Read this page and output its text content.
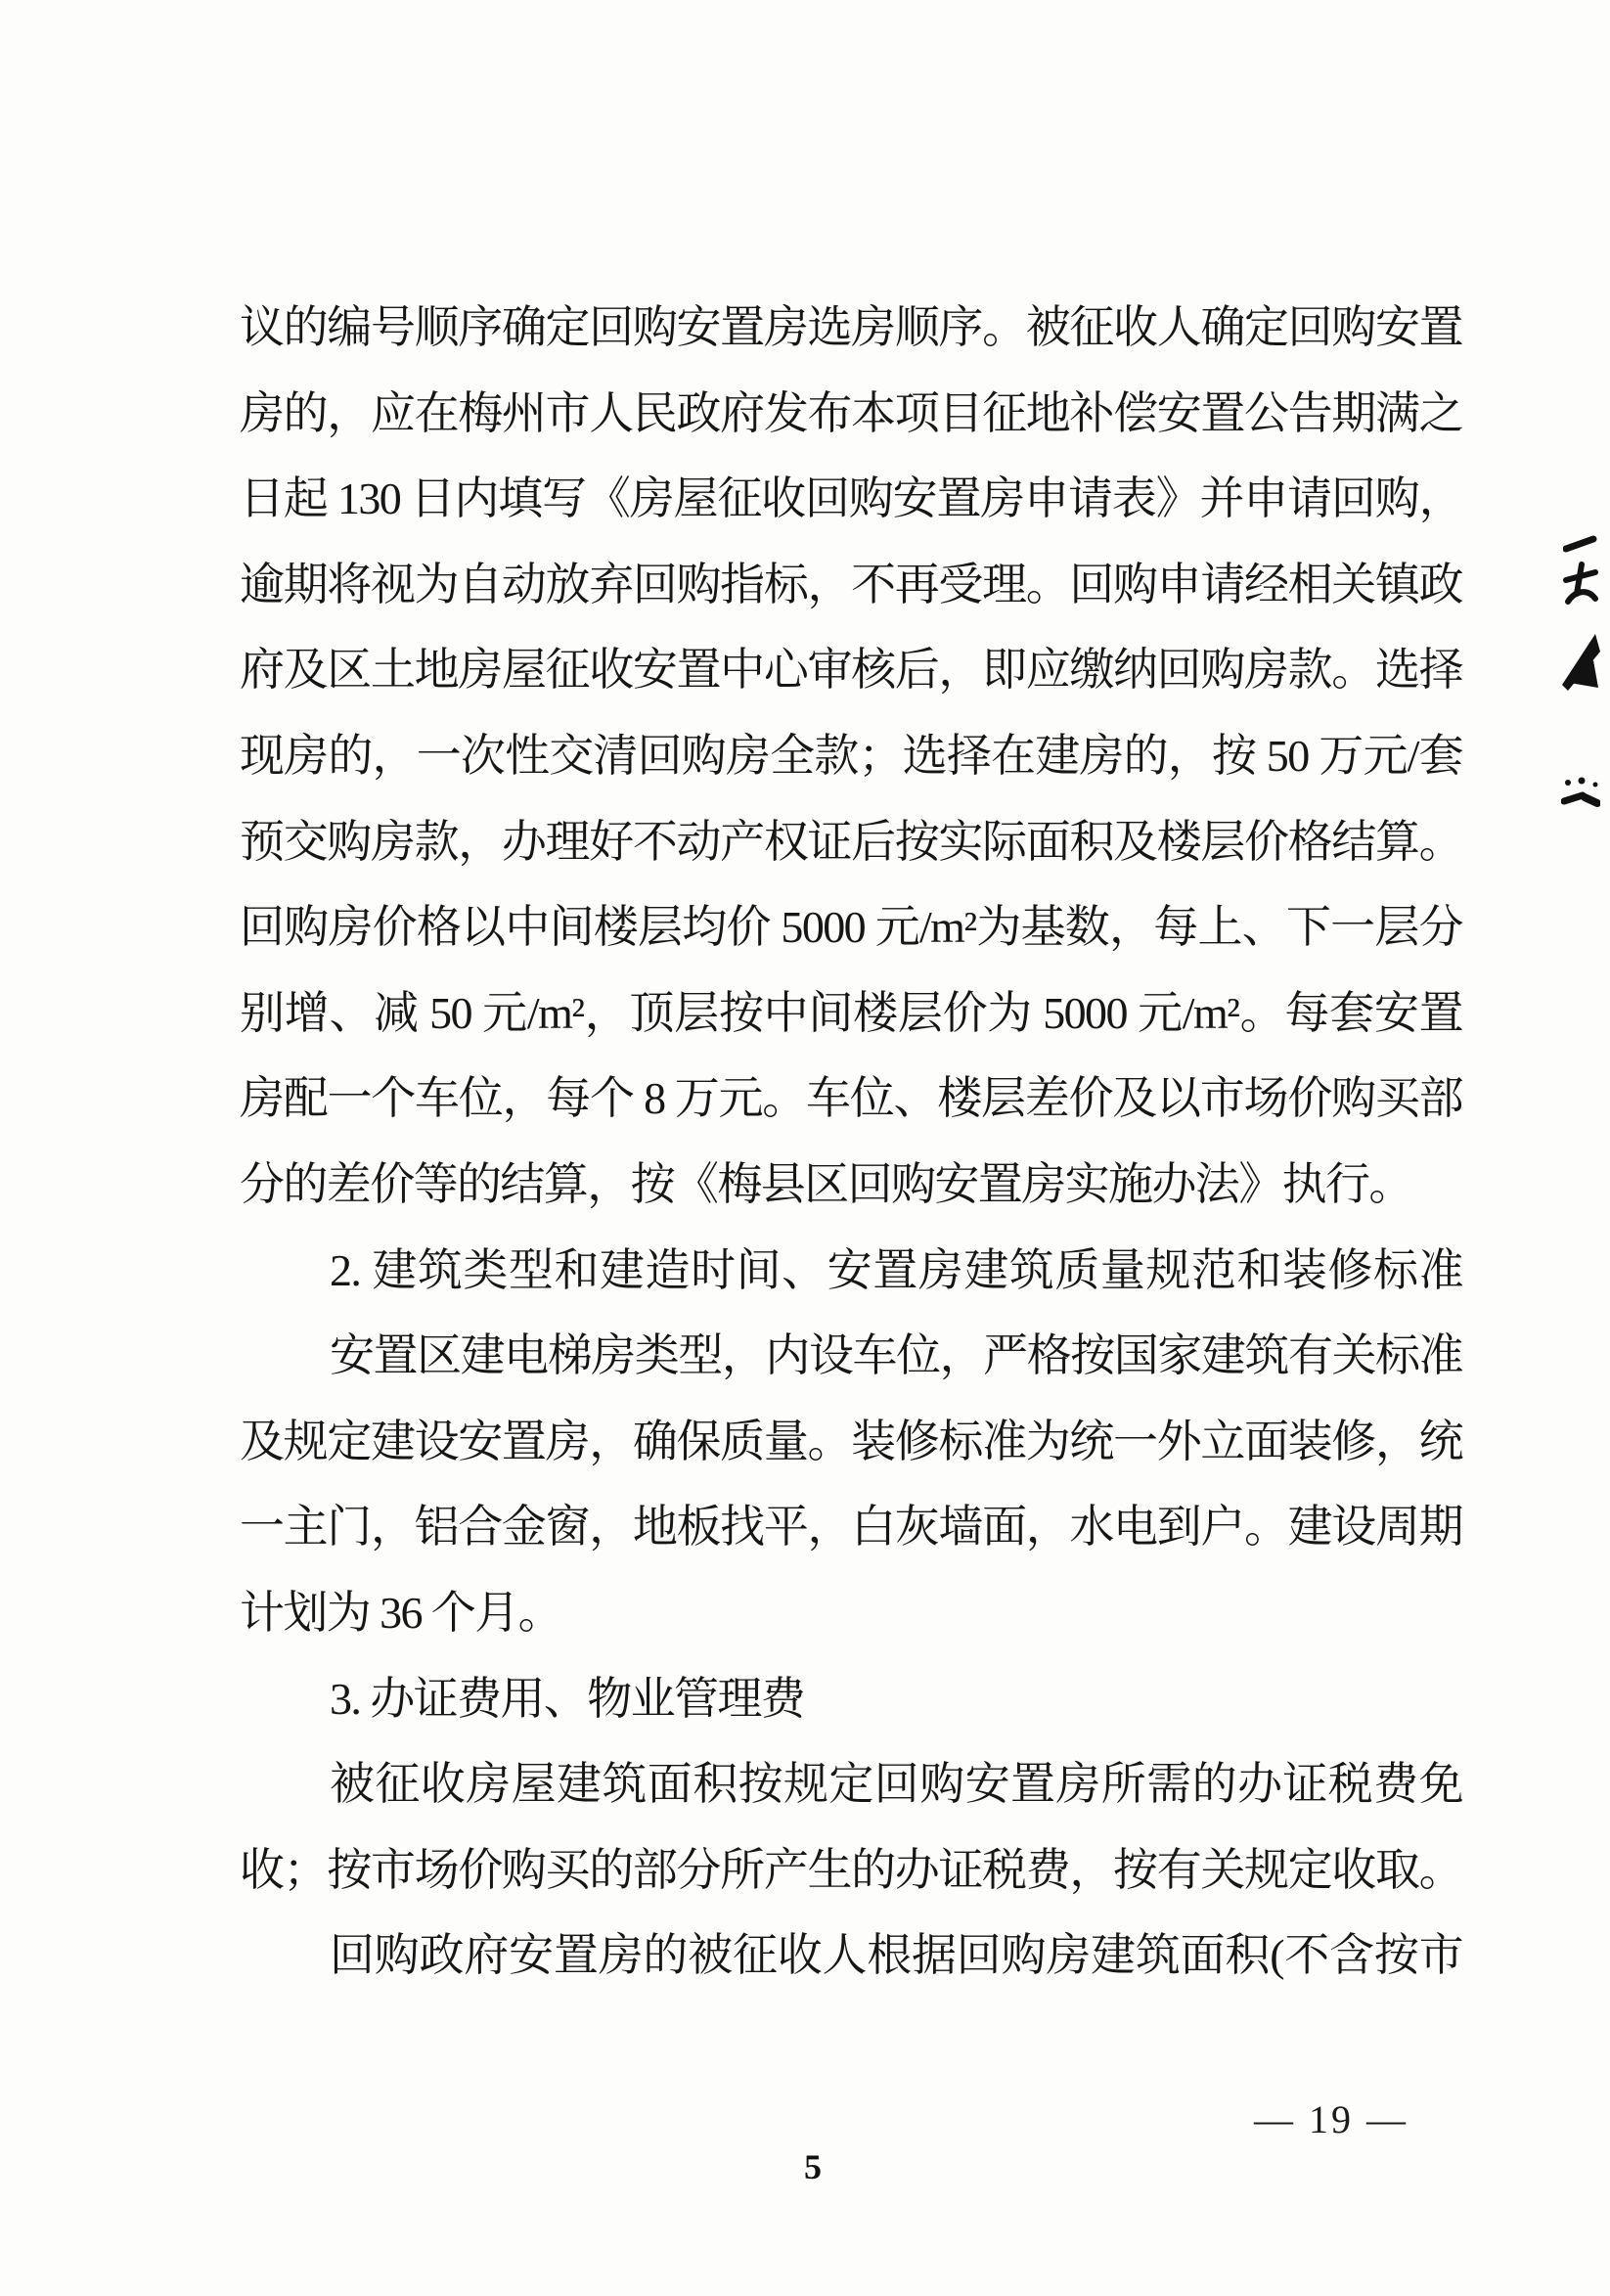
议的编号顺序确定回购安置房选房顺序。被征收人确定回购安置
房的，应在梅州市人民政府发布本项目征地补偿安置公告期满之
日起 130 日内填写《房屋征收回购安置房申请表》并申请回购，
逾期将视为自动放弃回购指标，不再受理。回购申请经相关镇政
府及区土地房屋征收安置中心审核后，即应缴纳回购房款。选择
现房的，一次性交清回购房全款；选择在建房的，按 50 万元/套
预交购房款，办理好不动产权证后按实际面积及楼层价格结算。
回购房价格以中间楼层均价 5000 元/m²为基数，每上、下一层分
别增、减 50 元/m²，顶层按中间楼层价为 5000 元/m²。每套安置
房配一个车位，每个 8 万元。车位、楼层差价及以市场价购买部
分的差价等的结算，按《梅县区回购安置房实施办法》执行。
2. 建筑类型和建造时间、安置房建筑质量规范和装修标准
安置区建电梯房类型，内设车位，严格按国家建筑有关标准
及规定建设安置房，确保质量。装修标准为统一外立面装修，统
一主门，铝合金窗，地板找平，白灰墙面，水电到户。建设周期
计划为 36 个月。
3. 办证费用、物业管理费
被征收房屋建筑面积按规定回购安置房所需的办证税费免
收；按市场价购买的部分所产生的办证税费，按有关规定收取。
回购政府安置房的被征收人根据回购房建筑面积(不含按市
— 19 —
5
